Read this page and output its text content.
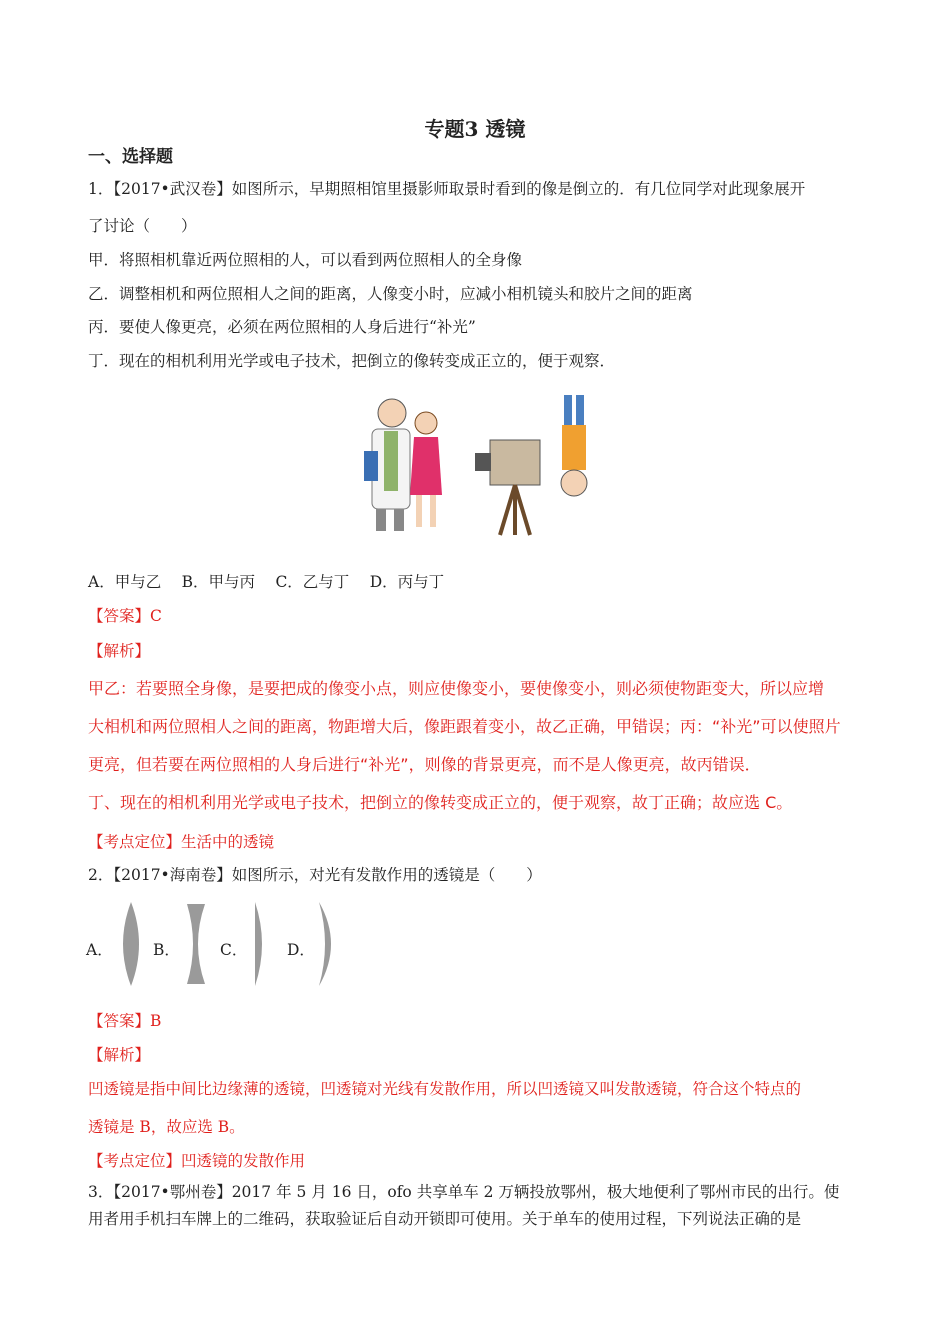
专题3 透镜
一、选择题
1．【2017•武汉卷】如图所示，早期照相馆里摄影师取景时看到的像是倒立的．有几位同学对此现象展开
了讨论（　　）
甲．将照相机靠近两位照相的人，可以看到两位照相人的全身像
乙．调整相机和两位照相人之间的距离，人像变小时，应减小相机镜头和胶片之间的距离
丙．要使人像更亮，必须在两位照相的人身后进行“补光”
丁．现在的相机利用光学或电子技术，把倒立的像转变成正立的，便于观察．
A．甲与乙　 B．甲与丙　 C．乙与丁　 D．丙与丁
【答案】C
【解析】
甲乙：若要照全身像，是要把成的像变小点，则应使像变小，要使像变小，则必须使物距变大，所以应增
大相机和两位照相人之间的距离，物距增大后，像距跟着变小，故乙正确，甲错误；丙：“补光”可以使照片
更亮，但若要在两位照相的人身后进行“补光”，则像的背景更亮，而不是人像更亮，故丙错误．
丁、现在的相机利用光学或电子技术，把倒立的像转变成正立的，便于观察，故丁正确；故应选 C。
【考点定位】生活中的透镜
2．【2017•海南卷】如图所示，对光有发散作用的透镜是（　　）
A．	B．	C．	D．
【答案】B
【解析】
凹透镜是指中间比边缘薄的透镜，凹透镜对光线有发散作用，所以凹透镜又叫发散透镜，符合这个特点的
透镜是 B，故应选 B。
【考点定位】凹透镜的发散作用
3．【2017•鄂州卷】2017 年 5 月 16 日，ofo 共享单车 2 万辆投放鄂州，极大地便利了鄂州市民的出行。使
用者用手机扫车牌上的二维码，获取验证后自动开锁即可使用。关于单车的使用过程，下列说法正确的是
